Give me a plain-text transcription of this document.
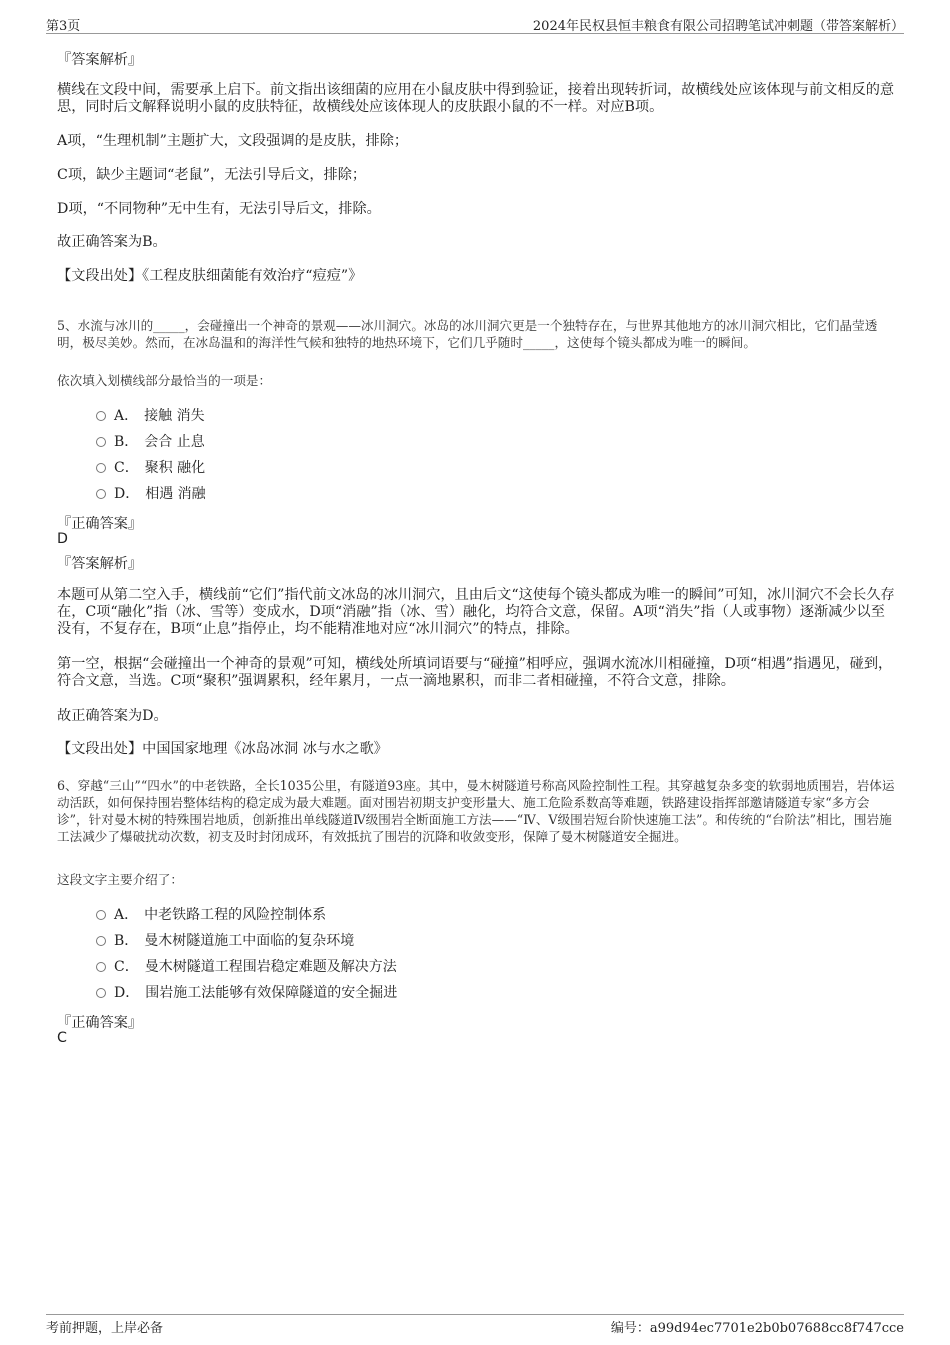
第3页	2024年民权县恒丰粮食有限公司招聘笔试冲刺题（带答案解析）
『答案解析』
横线在文段中间，需要承上启下。前文指出该细菌的应用在小鼠皮肤中得到验证，接着出现转折词，故横线处应该体现与前文相反的意思，同时后文解释说明小鼠的皮肤特征，故横线处应该体现人的皮肤跟小鼠的不一样。对应B项。
A项，“生理机制”主题扩大，文段强调的是皮肤，排除；
C项，缺少主题词“老鼠”，无法引导后文，排除；
D项，“不同物种”无中生有，无法引导后文，排除。
故正确答案为B。
【文段出处】《工程皮肤细菌能有效治疗“痘痘”》
5、水流与冰川的_____，会碰撞出一个神奇的景观——冰川洞穴。冰岛的冰川洞穴更是一个独特存在，与世界其他地方的冰川洞穴相比，它们晶莹透明，极尽美妙。然而，在冰岛温和的海洋性气候和独特的地热环境下，它们几乎随时_____，这使每个镜头都成为唯一的瞬间。
依次填入划横线部分最恰当的一项是：
A． 接触 消失
B． 会合 止息
C． 聚积 融化
D． 相遇 消融
『正确答案』
D
『答案解析』
本题可从第二空入手，横线前“它们”指代前文冰岛的冰川洞穴，且由后文“这使每个镜头都成为唯一的瞬间”可知，冰川洞穴不会长久存在，C项“融化”指（冰、雪等）变成水，D项“消融”指（冰、雪）融化，均符合文意，保留。A项“消失”指（人或事物）逐渐减少以至没有，不复存在，B项“止息”指停止，均不能精准地对应“冰川洞穴”的特点，排除。
第一空，根据“会碰撞出一个神奇的景观”可知，横线处所填词语要与“碰撞”相呼应，强调水流冰川相碰撞，D项“相遇”指遇见，碰到，符合文意，当选。C项“聚积”强调累积，经年累月，一点一滴地累积，而非二者相碰撞，不符合文意，排除。
故正确答案为D。
【文段出处】中国国家地理《冰岛冰洞 冰与水之歌》
6、穿越“三山”“四水”的中老铁路，全长1035公里，有隧道93座。其中，曼木树隧道号称高风险控制性工程。其穿越复杂多变的软弱地质围岩，岩体运动活跃，如何保持围岩整体结构的稳定成为最大难题。面对围岩初期支护变形量大、施工危险系数高等难题，铁路建设指挥部邀请隧道专家“多方会诊”，针对曼木树的特殊围岩地质，创新推出单线隧道Ⅳ级围岩全断面施工方法——“Ⅳ、Ⅴ级围岩短台阶快速施工法”。和传统的“台阶法”相比，围岩施工法减少了爆破扰动次数，初支及时封闭成环，有效抵抗了围岩的沉降和收敛变形，保障了曼木树隧道安全掘进。
这段文字主要介绍了：
A． 中老铁路工程的风险控制体系
B． 曼木树隧道施工中面临的复杂环境
C． 曼木树隧道工程围岩稳定难题及解决方法
D． 围岩施工法能够有效保障隧道的安全掘进
『正确答案』
C
考前押题，上岸必备	编号：a99d94ec7701e2b0b07688cc8f747cce
